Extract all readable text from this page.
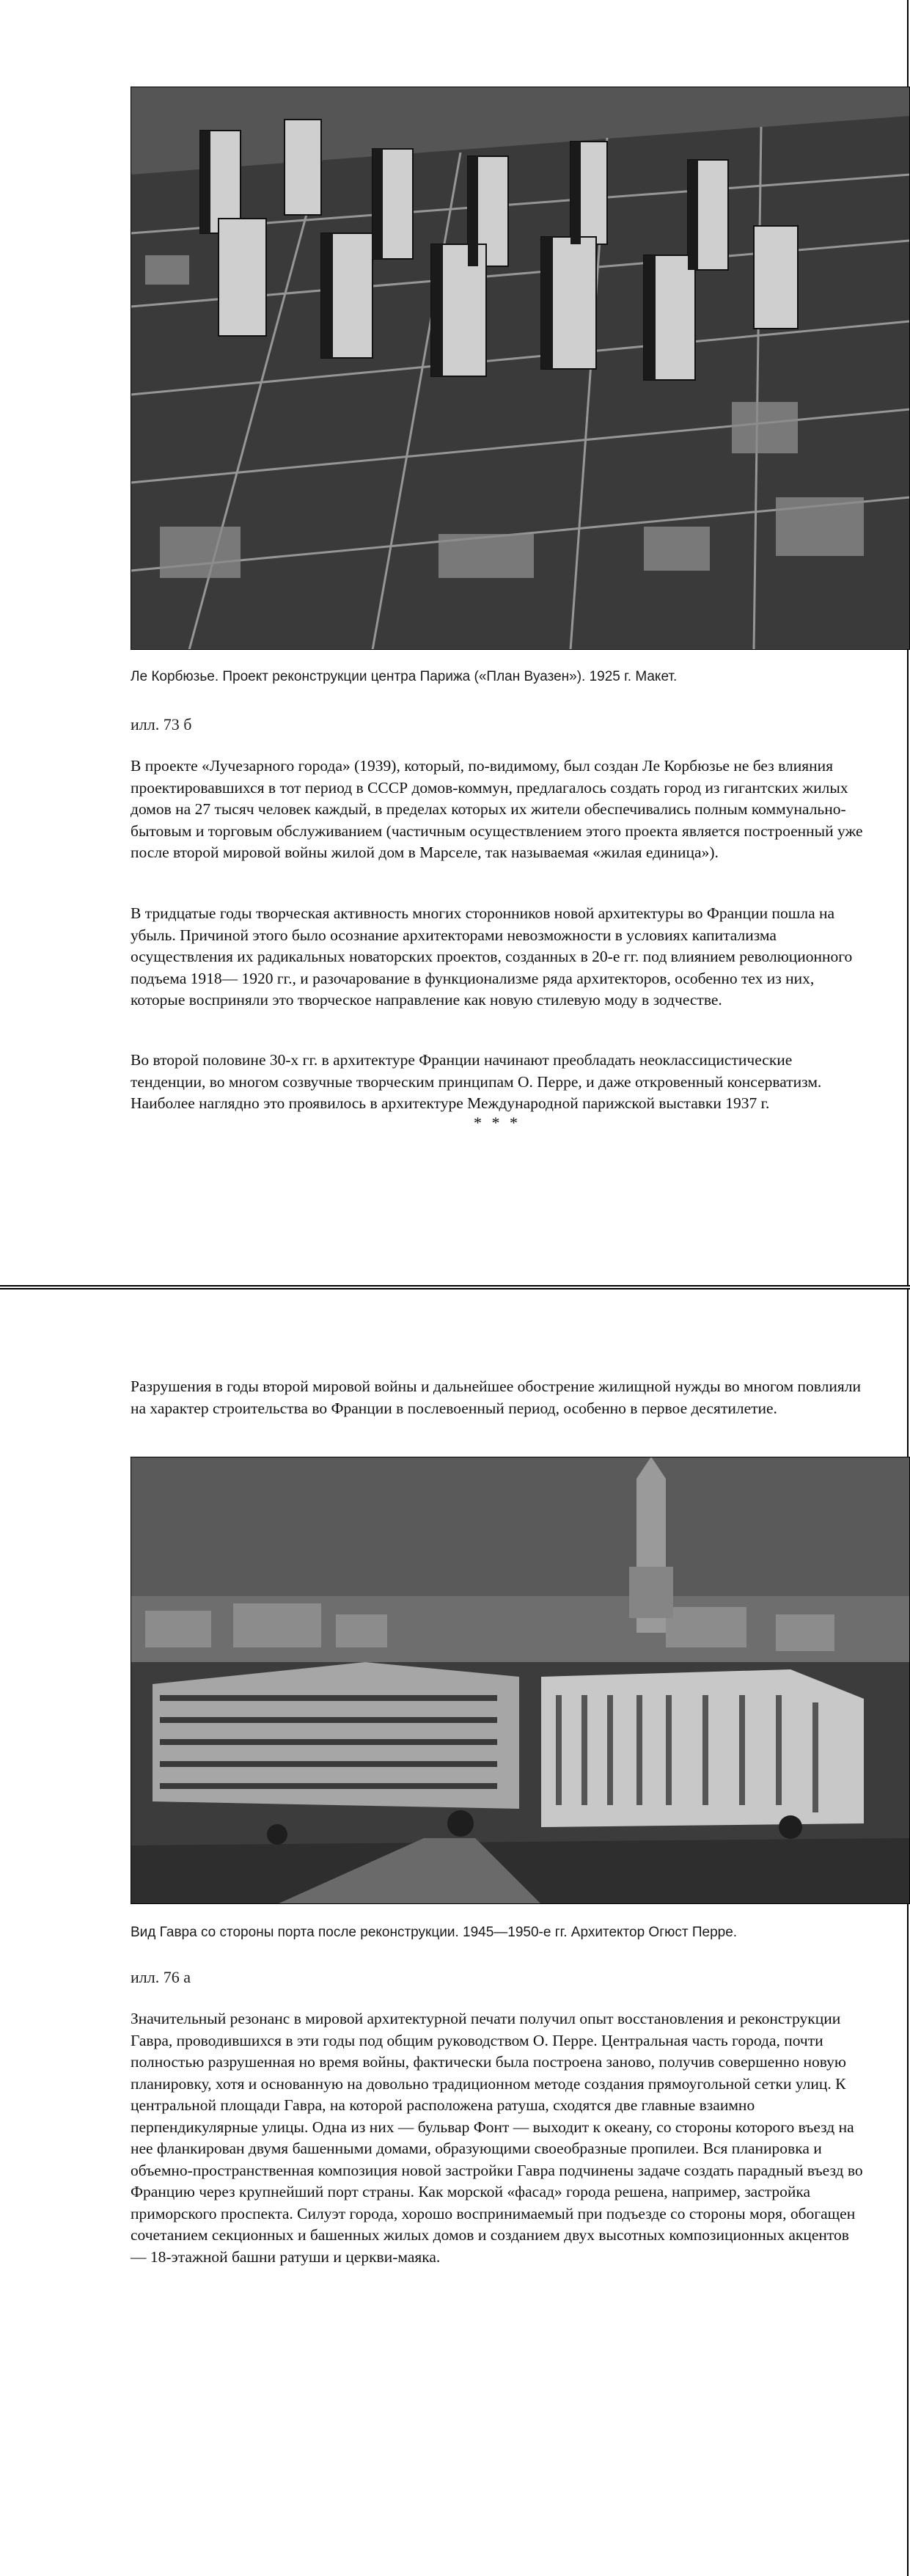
Ле Корбюзье. Проект реконструкции центра Парижа («План Вуазен»). 1925 г. Макет.
илл. 73 б

В проекте «Лучезарного города» (1939), который, по-видимому, был создан Ле Корбюзье не без влияния проектировавшихся в тот период в СССР домов-коммун, предлагалось создать город из гигантских жилых домов на 27 тысяч человек каждый, в пределах которых их жители обеспечивались полным коммунально-бытовым и торговым обслуживанием (частичным осуществлением этого проекта является построенный уже после второй мировой войны жилой дом в Марселе, так называемая «жилая единица»).

В тридцатые годы творческая активность многих сторонников новой архитектуры во Франции пошла на убыль. Причиной этого было осознание архитекторами невозможности в условиях капитализма осуществления их радикальных новаторских проектов, созданных в 20-е гг. под влиянием революционного подъема 1918— 1920 гг., и разочарование в функционализме ряда архитекторов, особенно тех из них, которые восприняли это творческое направление как новую стилевую моду в зодчестве.

Во второй половине 30-х гг. в архитектуре Франции начинают преобладать неоклассицистические тенденции, во многом созвучные творческим принципам О. Перре, и даже откровенный консерватизм. Наиболее наглядно это проявилось в архитектуре Международной парижской выставки 1937 г.

* * *

Разрушения в годы второй мировой войны и дальнейшее обострение жилищной нужды во многом повлияли на характер строительства во Франции в послевоенный период, особенно в первое десятилетие.

Вид Гавра со стороны порта после реконструкции. 1945—1950-е гг. Архитектор Огюст Перре.
илл. 76 а

Значительный резонанс в мировой архитектурной печати получил опыт восстановления и реконструкции Гавра, проводившихся в эти годы под общим руководством О. Перре. Центральная часть города, почти полностью разрушенная но время войны, фактически была построена заново, получив совершенно новую планировку, хотя и основанную на довольно традиционном методе создания прямоугольной сетки улиц. К центральной площади Гавра, на которой расположена ратуша, сходятся две главные взаимно перпендикулярные улицы. Одна из них — бульвар Фонт — выходит к океану, со стороны которого въезд на нее фланкирован двумя башенными домами, образующими своеобразные пропилеи. Вся планировка и объемно-пространственная композиция новой застройки Гавра подчинены задаче создать парадный въезд во Францию через крупнейший порт страны. Как морской «фасад» города решена, например, застройка приморского проспекта. Силуэт города, хорошо воспринимаемый при подъезде со стороны моря, обогащен сочетанием секционных и башенных жилых домов и созданием двух высотных композиционных акцентов — 18-этажной башни ратуши и церкви-маяка.
